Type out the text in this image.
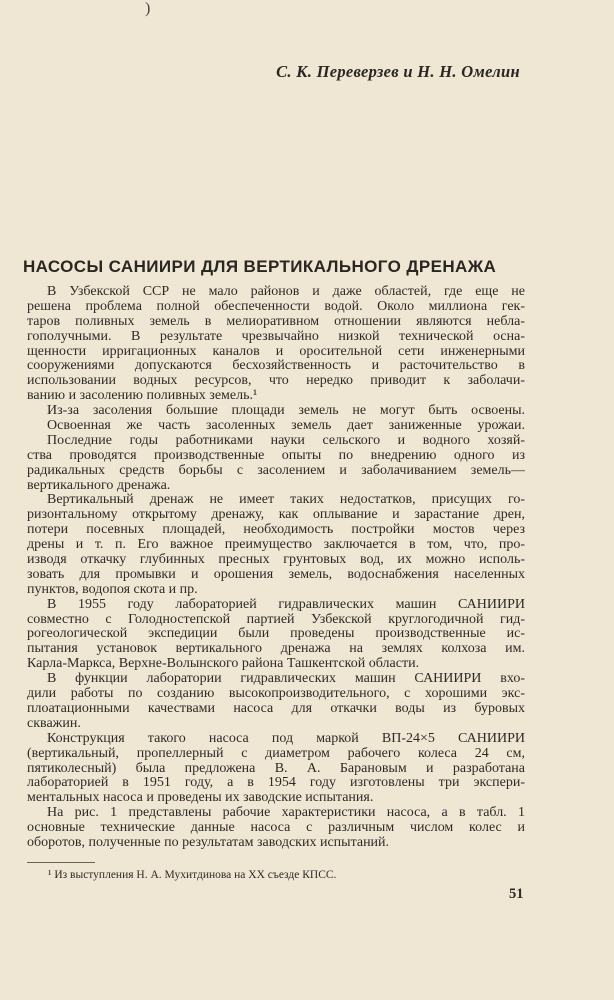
)
С. К. Переверзев и Н. Н. Омелин
НАСОСЫ САНИИРИ ДЛЯ ВЕРТИКАЛЬНОГО ДРЕНАЖА
В Узбекской ССР не мало районов и даже областей, где еще не
решена проблема полной обеспеченности водой. Около миллиона гек-
таров поливных земель в мелиоративном отношении являются небла-
гополучными. В результате чрезвычайно низкой технической осна-
щенности ирригационных каналов и оросительной сети инженерными
сооружениями допускаются бесхозяйственность и расточительство в
использовании водных ресурсов, что нередко приводит к заболачи-
ванию и засолению поливных земель.¹
Из-за засоления большие площади земель не могут быть освоены.
Освоенная же часть засоленных земель дает заниженные урожаи.
Последние годы работниками науки сельского и водного хозяй-
ства проводятся производственные опыты по внедрению одного из
радикальных средств борьбы с засолением и заболачиванием земель—
вертикального дренажа.
Вертикальный дренаж не имеет таких недостатков, присущих го-
ризонтальному открытому дренажу, как оплывание и зарастание дрен,
потери посевных площадей, необходимость постройки мостов через
дрены и т. п. Его важное преимущество заключается в том, что, про-
изводя откачку глубинных пресных грунтовых вод, их можно исполь-
зовать для промывки и орошения земель, водоснабжения населенных
пунктов, водопоя скота и пр.
В 1955 году лабораторией гидравлических машин САНИИРИ
совместно с Голодностепской партией Узбекской круглогодичной гид-
рогеологической экспедиции были проведены производственные ис-
пытания установок вертикального дренажа на землях колхоза им.
Карла-Маркса, Верхне-Волынского района Ташкентской области.
В функции лаборатории гидравлических машин САНИИРИ вхо-
дили работы по созданию высокопроизводительного, с хорошими экс-
плоатационными качествами насоса для откачки воды из буровых
скважин.
Конструкция такого насоса под маркой ВП-24×5 САНИИРИ
(вертикальный, пропеллерный с диаметром рабочего колеса 24 см,
пятиколесный) была предложена В. А. Барановым и разработана
лабораторией в 1951 году, а в 1954 году изготовлены три экспери-
ментальных насоса и проведены их заводские испытания.
На рис. 1 представлены рабочие характеристики насоса, а в табл. 1
основные технические данные насоса с различным числом колес и
оборотов, полученные по результатам заводских испытаний.
¹ Из выступления Н. А. Мухитдинова на XX съезде КПСС.
51
